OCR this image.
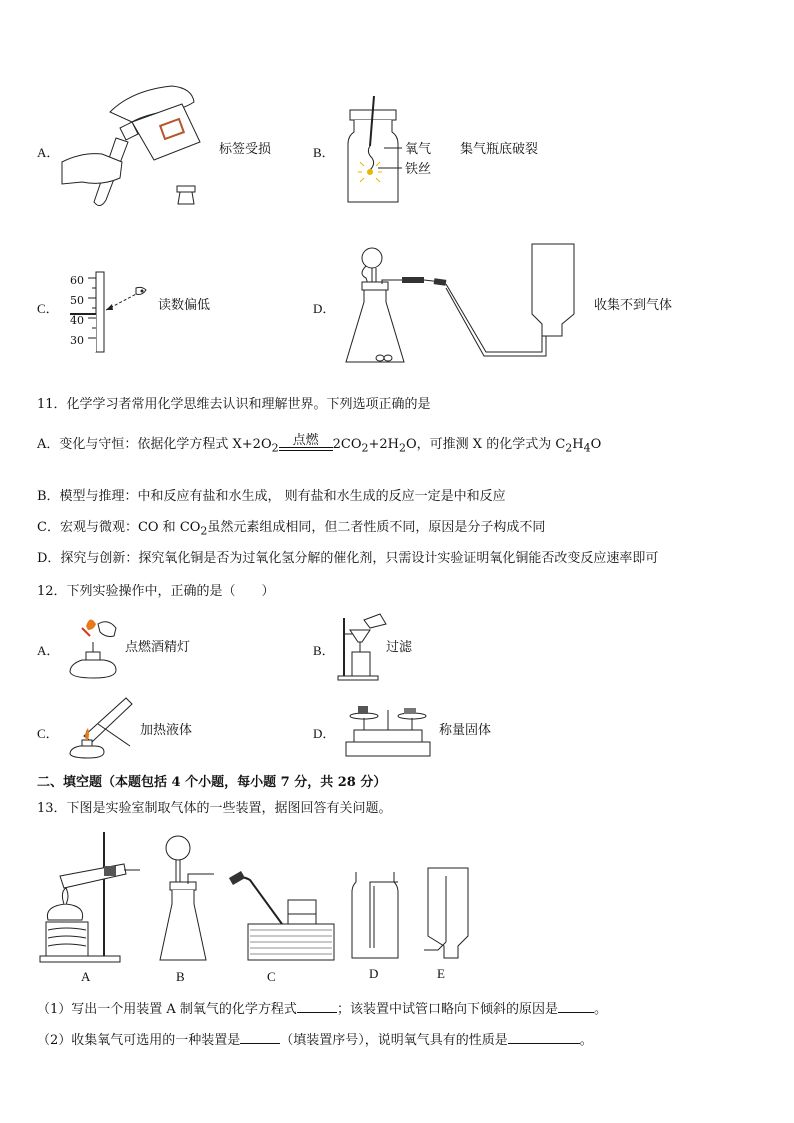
A．	标签受损	B．	氧气
铁丝
集气瓶底破裂
C．
60
50
40
30
读数偏低	D．	收集不到气体
11．化学学习者常用化学思维去认识和理解世界。下列选项正确的是
A．变化与守恒：依据化学方程式 $X+2O_2$
点燃	$2CO_2+2H_2O$，可推测 X 的化学式为 $C_2H_4O$
B．模型与推理：中和反应有盐和水生成， 则有盐和水生成的反应一定是中和反应
C．宏观与微观：CO 和 $CO_2$虽然元素组成相同，但二者性质不同，原因是分子构成不同
D．探究与创新：探究氧化铜是否为过氧化氢分解的催化剂，只需设计实验证明氧化铜能否改变反应速率即可
12．下列实验操作中，正确的是（　　）
A．	点燃酒精灯	B．	过滤
C．	加热液体	D．	称量固体
二、填空题（本题包括 4 个小题，每小题 7 分，共 28 分）
13．下图是实验室制取气体的一些装置，据图回答有关问题。
A	B	C	D	E
（1）写出一个用装置 A 制氧气的化学方程式	；该装置中试管口略向下倾斜的原因是	。
（2）收集氧气可选用的一种装置是	（填装置序号），说明氧气具有的性质是	。
